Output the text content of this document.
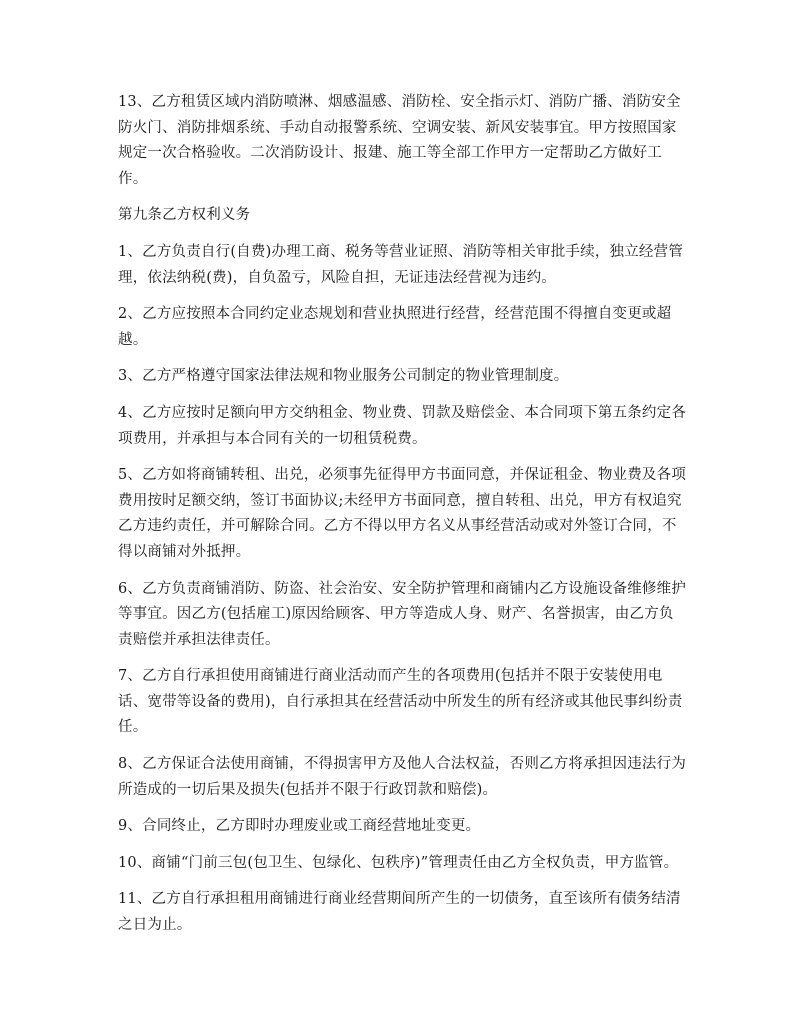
13、乙方租赁区域内消防喷淋、烟感温感、消防栓、安全指示灯、消防广播、消防安全防火门、消防排烟系统、手动自动报警系统、空调安装、新风安装事宜。甲方按照国家规定一次合格验收。二次消防设计、报建、施工等全部工作甲方一定帮助乙方做好工作。

第九条乙方权利义务

1、乙方负责自行(自费)办理工商、税务等营业证照、消防等相关审批手续，独立经营管理，依法纳税(费)，自负盈亏，风险自担，无证违法经营视为违约。

2、乙方应按照本合同约定业态规划和营业执照进行经营，经营范围不得擅自变更或超越。

3、乙方严格遵守国家法律法规和物业服务公司制定的物业管理制度。

4、乙方应按时足额向甲方交纳租金、物业费、罚款及赔偿金、本合同项下第五条约定各项费用，并承担与本合同有关的一切租赁税费。

5、乙方如将商铺转租、出兑，必须事先征得甲方书面同意，并保证租金、物业费及各项费用按时足额交纳，签订书面协议;未经甲方书面同意，擅自转租、出兑，甲方有权追究乙方违约责任，并可解除合同。乙方不得以甲方名义从事经营活动或对外签订合同，不得以商铺对外抵押。

6、乙方负责商铺消防、防盗、社会治安、安全防护管理和商铺内乙方设施设备维修维护等事宜。因乙方(包括雇工)原因给顾客、甲方等造成人身、财产、名誉损害，由乙方负责赔偿并承担法律责任。

7、乙方自行承担使用商铺进行商业活动而产生的各项费用(包括并不限于安装使用电话、宽带等设备的费用)，自行承担其在经营活动中所发生的所有经济或其他民事纠纷责任。

8、乙方保证合法使用商铺，不得损害甲方及他人合法权益，否则乙方将承担因违法行为所造成的一切后果及损失(包括并不限于行政罚款和赔偿)。

9、合同终止，乙方即时办理废业或工商经营地址变更。

10、商铺“门前三包(包卫生、包绿化、包秩序)”管理责任由乙方全权负责，甲方监管。

11、乙方自行承担租用商铺进行商业经营期间所产生的一切债务，直至该所有债务结清之日为止。
